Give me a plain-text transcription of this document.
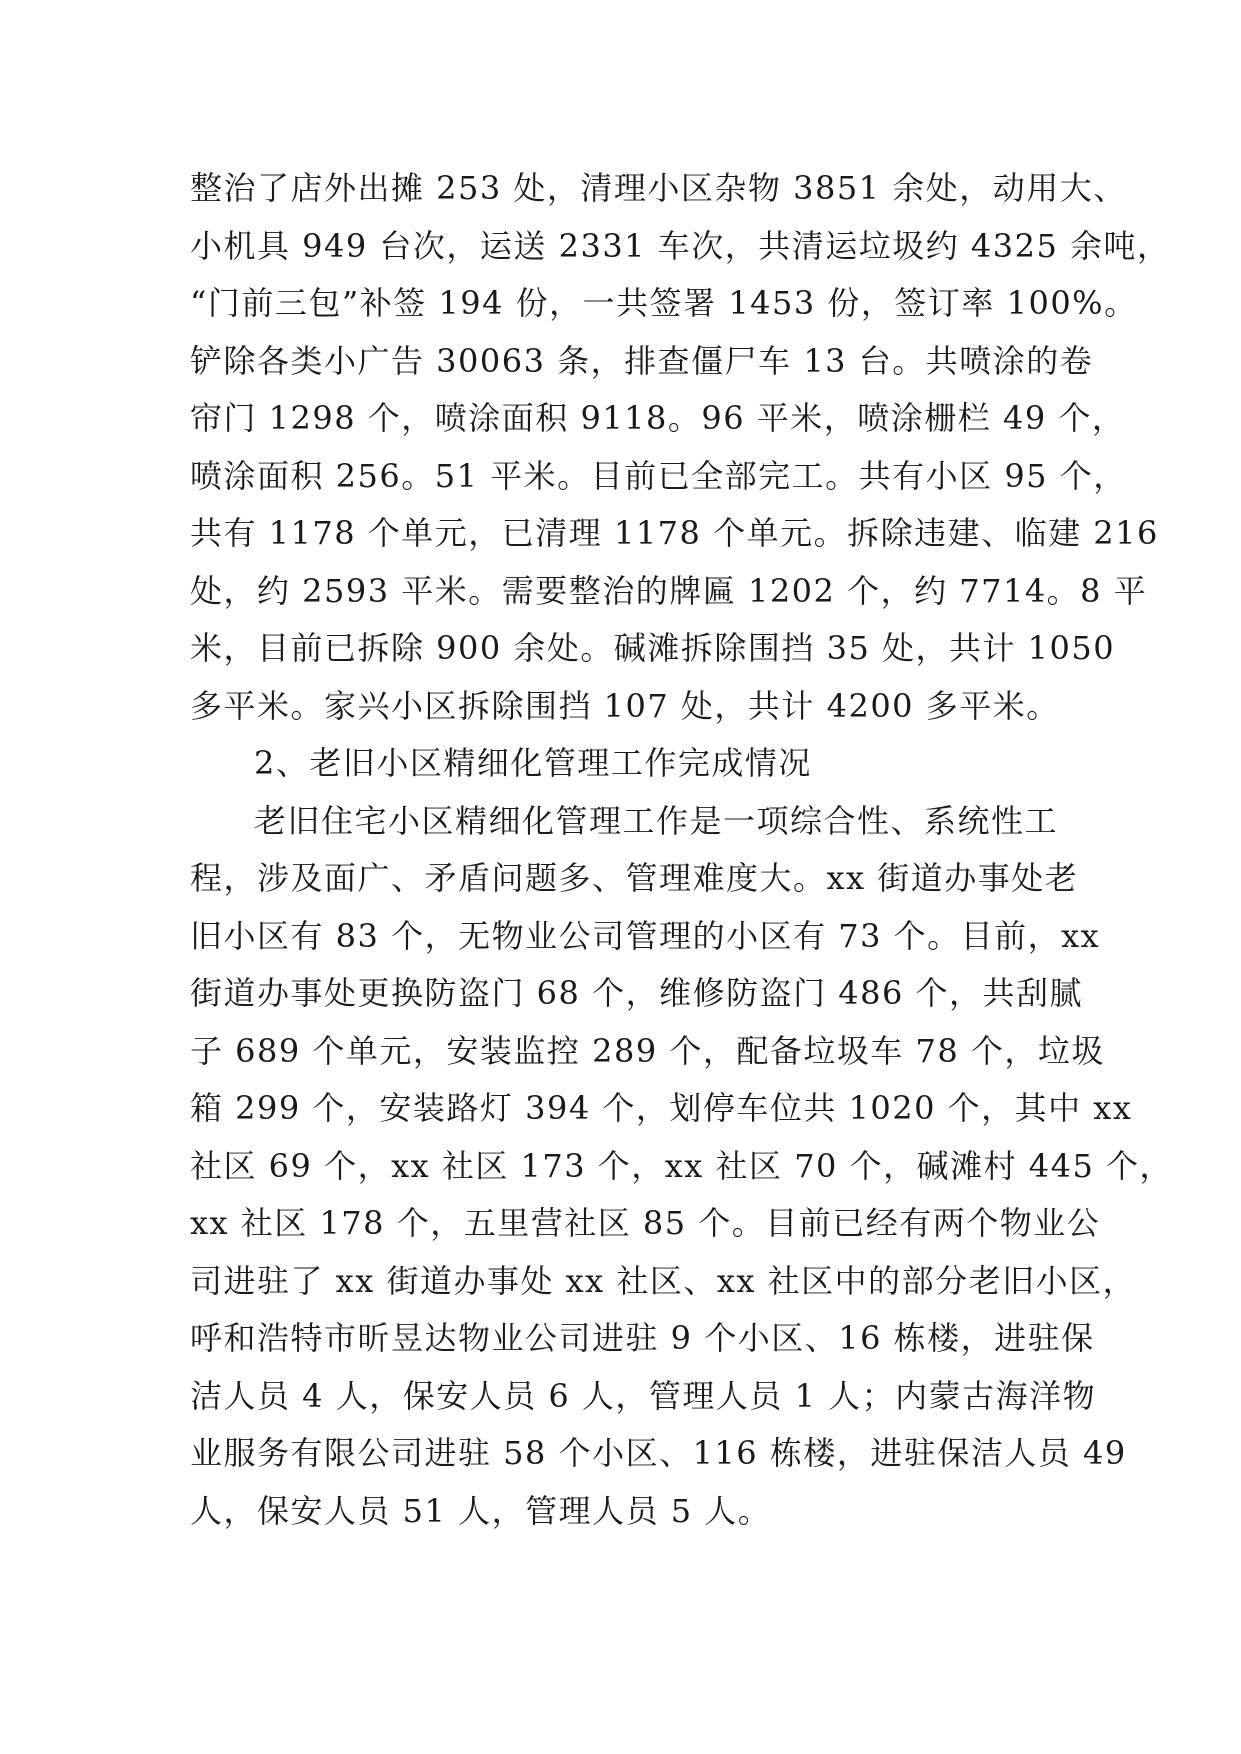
整治了店外出摊 253 处，清理小区杂物 3851 余处，动用大、
小机具 949 台次，运送 2331 车次，共清运垃圾约 4325 余吨，
“门前三包”补签 194 份，一共签署 1453 份，签订率 100%。
铲除各类小广告 30063 条，排查僵尸车 13 台。共喷涂的卷
帘门 1298 个，喷涂面积 9118。96 平米，喷涂栅栏 49 个，
喷涂面积 256。51 平米。目前已全部完工。共有小区 95 个，
共有 1178 个单元，已清理 1178 个单元。拆除违建、临建 216
处，约 2593 平米。需要整治的牌匾 1202 个，约 7714。8 平
米，目前已拆除 900 余处。碱滩拆除围挡 35 处，共计 1050
多平米。家兴小区拆除围挡 107 处，共计 4200 多平米。
2、老旧小区精细化管理工作完成情况
老旧住宅小区精细化管理工作是一项综合性、系统性工
程，涉及面广、矛盾问题多、管理难度大。xx 街道办事处老
旧小区有 83 个，无物业公司管理的小区有 73 个。目前，xx
街道办事处更换防盗门 68 个，维修防盗门 486 个，共刮腻
子 689 个单元，安装监控 289 个，配备垃圾车 78 个，垃圾
箱 299 个，安装路灯 394 个，划停车位共 1020 个，其中 xx
社区 69 个，xx 社区 173 个，xx 社区 70 个，碱滩村 445 个，
xx 社区 178 个，五里营社区 85 个。目前已经有两个物业公
司进驻了 xx 街道办事处 xx 社区、xx 社区中的部分老旧小区，
呼和浩特市昕昱达物业公司进驻 9 个小区、16 栋楼，进驻保
洁人员 4 人，保安人员 6 人，管理人员 1 人；内蒙古海洋物
业服务有限公司进驻 58 个小区、116 栋楼，进驻保洁人员 49
人，保安人员 51 人，管理人员 5 人。
